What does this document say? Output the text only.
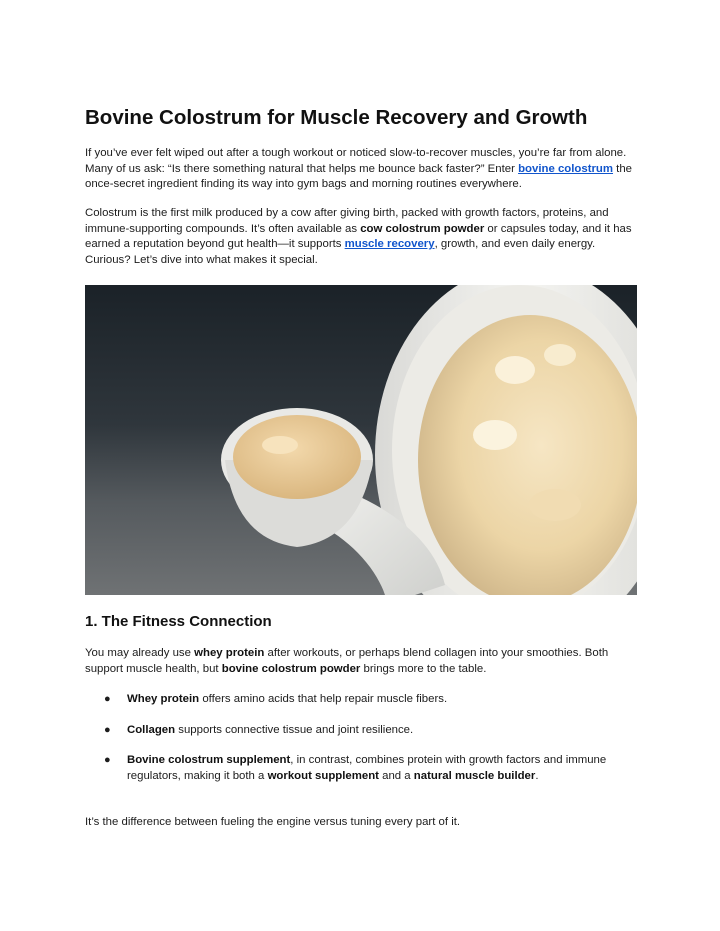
Bovine Colostrum for Muscle Recovery and Growth

If you’ve ever felt wiped out after a tough workout or noticed slow-to-recover muscles, you’re far from alone. Many of us ask: “Is there something natural that helps me bounce back faster?” Enter bovine colostrum the once-secret ingredient finding its way into gym bags and morning routines everywhere.

Colostrum is the first milk produced by a cow after giving birth, packed with growth factors, proteins, and immune-supporting compounds. It’s often available as cow colostrum powder or capsules today, and it has earned a reputation beyond gut health—it supports muscle recovery, growth, and even daily energy. Curious? Let’s dive into what makes it special.

1. The Fitness Connection

You may already use whey protein after workouts, or perhaps blend collagen into your smoothies. Both support muscle health, but bovine colostrum powder brings more to the table.

● Whey protein offers amino acids that help repair muscle fibers.
● Collagen supports connective tissue and joint resilience.
● Bovine colostrum supplement, in contrast, combines protein with growth factors and immune regulators, making it both a workout supplement and a natural muscle builder.

It’s the difference between fueling the engine versus tuning every part of it.
